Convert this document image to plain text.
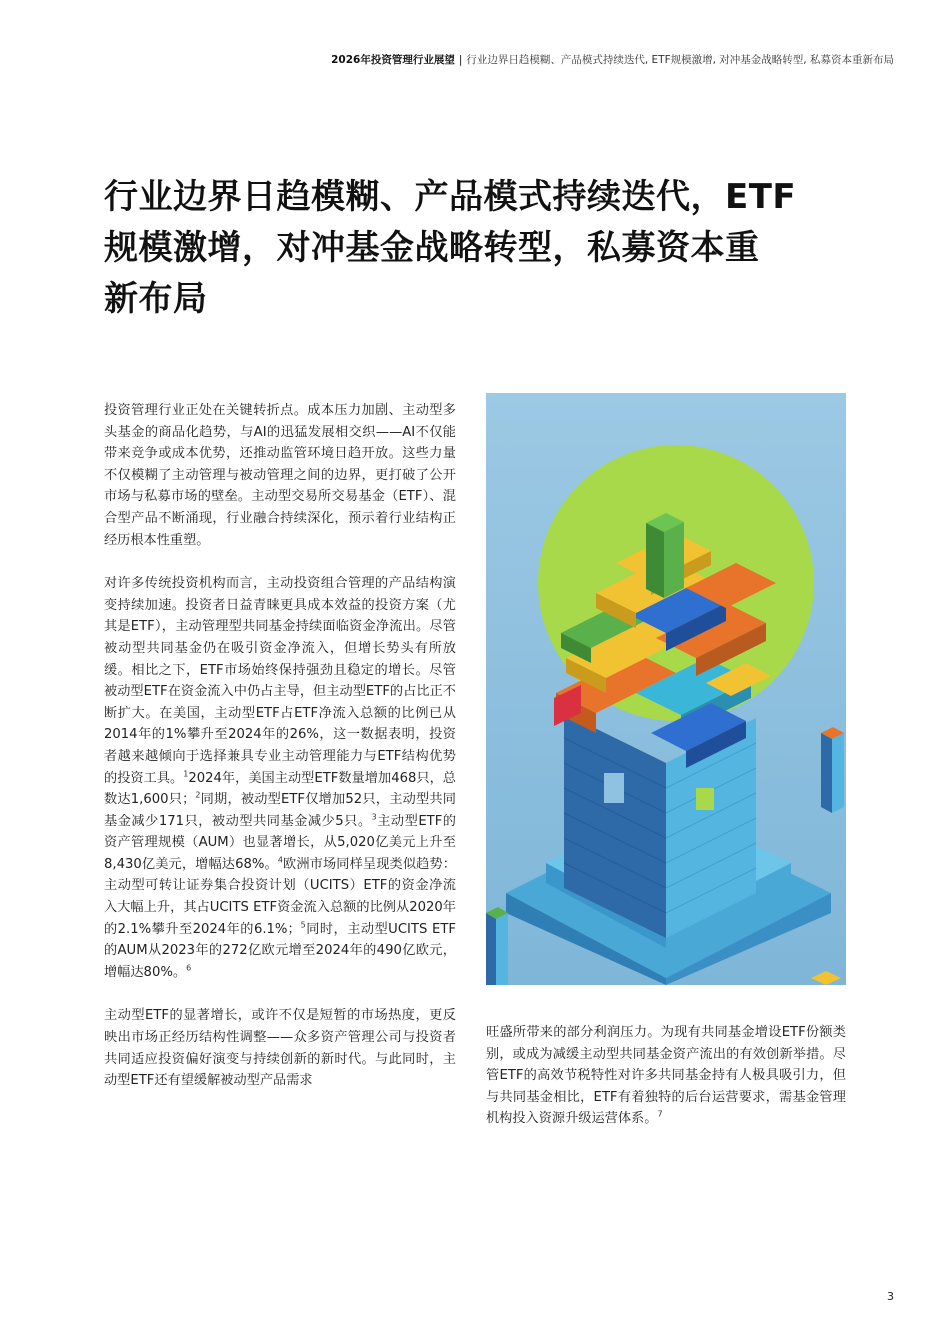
2026年投资管理行业展望 | 行业边界日趋模糊、产品模式持续迭代, ETF规模激增, 对冲基金战略转型, 私募资本重新布局
行业边界日趋模糊、产品模式持续迭代，ETF
规模激增，对冲基金战略转型，私募资本重
新布局

投资管理行业正处在关键转折点。成本压力加剧、主动型多头基金的商品化趋势，与AI的迅猛发展相交织——AI不仅能带来竞争或成本优势，还推动监管环境日趋开放。这些力量不仅模糊了主动管理与被动管理之间的边界，更打破了公开市场与私募市场的壁垒。主动型交易所交易基金（ETF）、混合型产品不断涌现，行业融合持续深化，预示着行业结构正经历根本性重塑。

对许多传统投资机构而言，主动投资组合管理的产品结构演变持续加速。投资者日益青睐更具成本效益的投资方案（尤其是ETF），主动管理型共同基金持续面临资金净流出。尽管被动型共同基金仍在吸引资金净流入，但增长势头有所放缓。相比之下，ETF市场始终保持强劲且稳定的增长。尽管被动型ETF在资金流入中仍占主导，但主动型ETF的占比正不断扩大。在美国，主动型ETF占ETF净流入总额的比例已从2014年的1%攀升至2024年的26%，这一数据表明，投资者越来越倾向于选择兼具专业主动管理能力与ETF结构优势的投资工具。$^1$2024年，美国主动型ETF数量增加468只，总数达1,600只；$^2$同期，被动型ETF仅增加52只，主动型共同基金减少171只，被动型共同基金减少5只。$^3$主动型ETF的资产管理规模（AUM）也显著增长，从5,020亿美元上升至8,430亿美元，增幅达68%。$^4$欧洲市场同样呈现类似趋势：主动型可转让证券集合投资计划（UCITS）ETF的资金净流入大幅上升，其占UCITS ETF资金流入总额的比例从2020年的2.1%攀升至2024年的6.1%；$^5$同时，主动型UCITS ETF的AUM从2023年的272亿欧元增至2024年的490亿欧元，增幅达80%。$^6$

主动型ETF的显著增长，或许不仅是短暂的市场热度，更反映出市场正经历结构性调整——众多资产管理公司与投资者共同适应投资偏好演变与持续创新的新时代。与此同时，主动型ETF还有望缓解被动型产品需求

旺盛所带来的部分利润压力。为现有共同基金增设ETF份额类别，或成为减缓主动型共同基金资产流出的有效创新举措。尽管ETF的高效节税特性对许多共同基金持有人极具吸引力，但与共同基金相比，ETF有着独特的后台运营要求，需基金管理机构投入资源升级运营体系。$^7$

3
